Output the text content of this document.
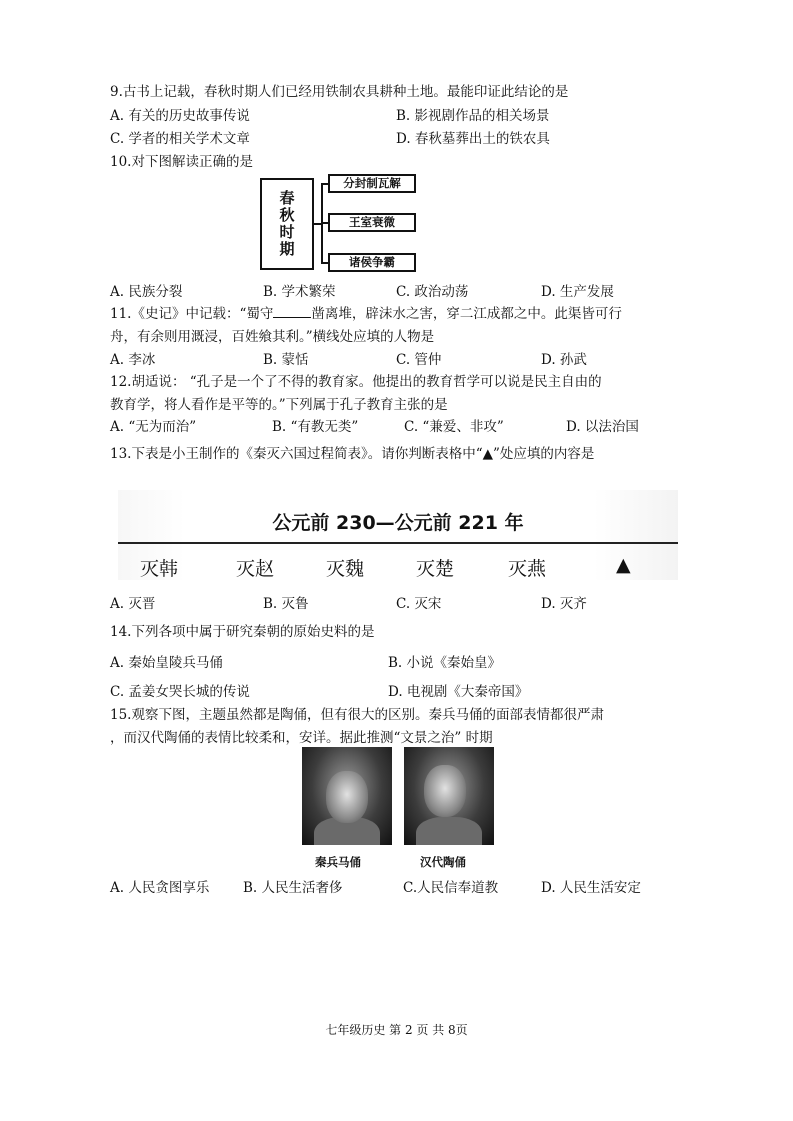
9.古书上记载，春秋时期人们已经用铁制农具耕种土地。最能印证此结论的是
A. 有关的历史故事传说	B. 影视剧作品的相关场景
C. 学者的相关学术文章	D. 春秋墓葬出土的铁农具
10.对下图解读正确的是
春秋时期
分封制瓦解
王室衰微
诸侯争霸
A. 民族分裂	B. 学术繁荣	C. 政治动荡	D. 生产发展
11.《史记》中记载：“蜀守	凿离堆，辟沫水之害，穿二江成都之中。此渠皆可行
舟，有余则用溉浸，百姓飨其利。”横线处应填的人物是
A. 李冰	B. 蒙恬	C. 管仲	D. 孙武
12.胡适说： “孔子是一个了不得的教育家。他提出的教育哲学可以说是民主自由的
教育学，将人看作是平等的。”下列属于孔子教育主张的是
A. “无为而治”	B. “有教无类”	C. “兼爱、非攻”	D. 以法治国
13.下表是小王制作的《秦灭六国过程简表》。请你判断表格中“▲”处应填的内容是
公元前 230—公元前 221 年
灭韩	灭赵	灭魏	灭楚	灭燕	▲
A. 灭晋	B. 灭鲁	C. 灭宋	D. 灭齐
14.下列各项中属于研究秦朝的原始史料的是
A. 秦始皇陵兵马俑	B. 小说《秦始皇》
C. 孟姜女哭长城的传说	D. 电视剧《大秦帝国》
15.观察下图，主题虽然都是陶俑，但有很大的区别。秦兵马俑的面部表情都很严肃
，而汉代陶俑的表情比较柔和，安详。据此推测“文景之治” 时期
秦兵马俑	汉代陶俑
A. 人民贪图享乐 B. 人民生活奢侈	C.人民信奉道教	D. 人民生活安定
七年级历史 第 2 页 共 8页
